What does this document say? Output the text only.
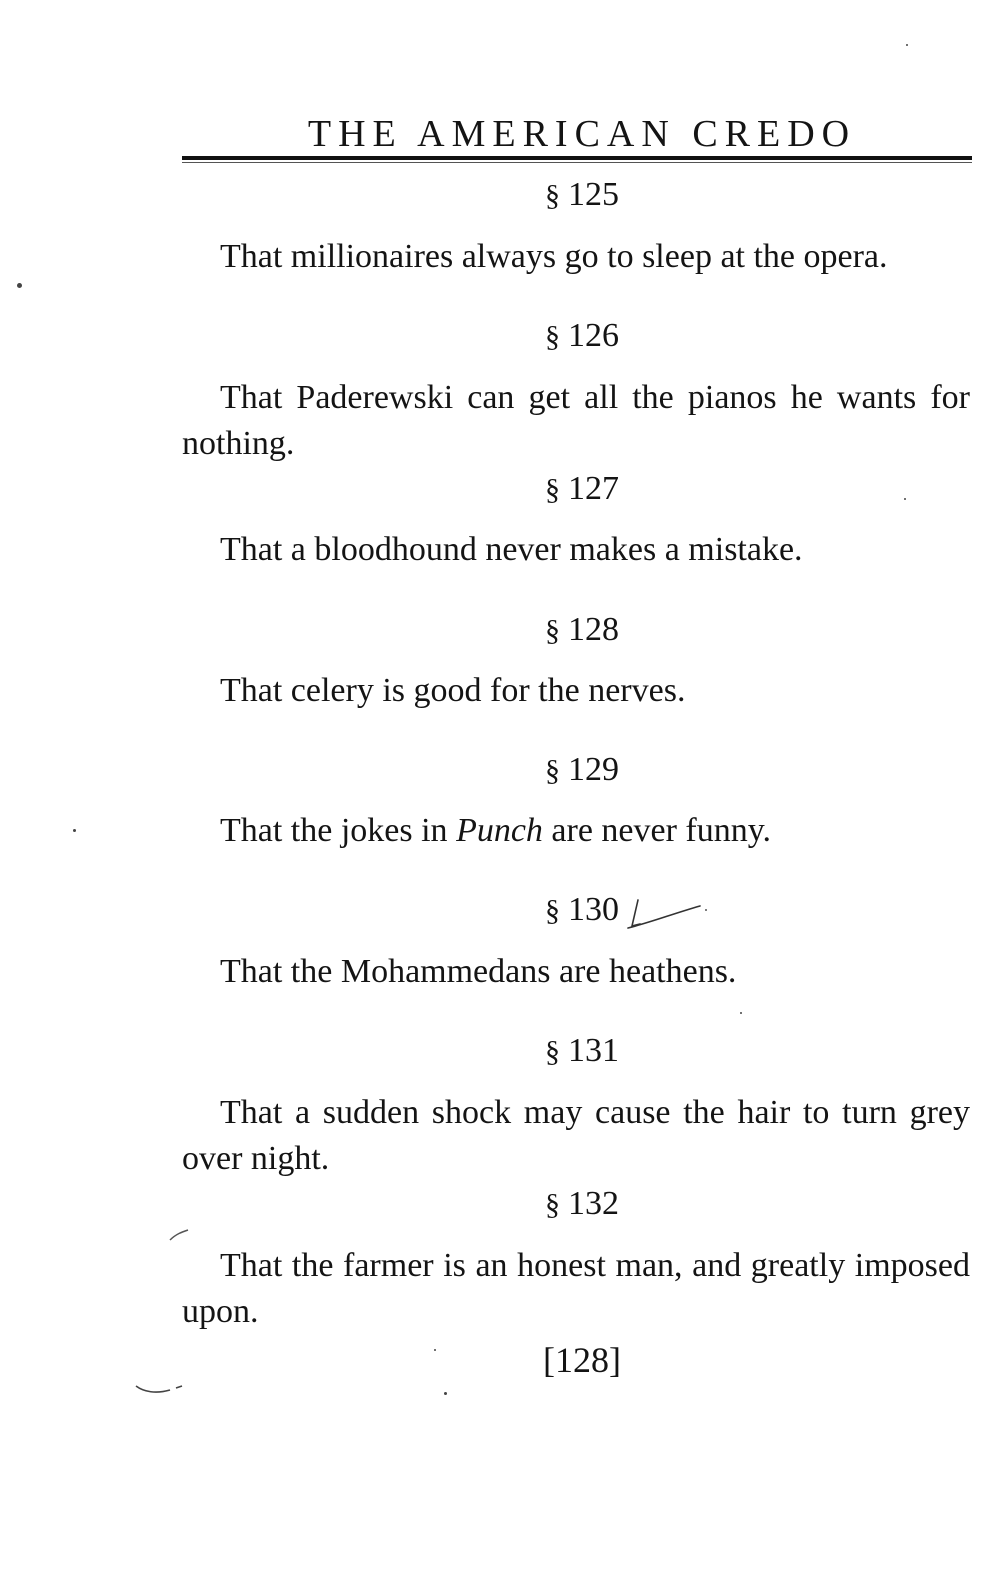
THE AMERICAN CREDO
§ 125

That millionaires always go to sleep at the opera.

§ 126

That Paderewski can get all the pianos he wants for nothing.

§ 127

That a bloodhound never makes a mistake.

§ 128

That celery is good for the nerves.

§ 129

That the jokes in Punch are never funny.

§ 130

That the Mohammedans are heathens.

§ 131

That a sudden shock may cause the hair to turn grey over night.

§ 132

That the farmer is an honest man, and greatly imposed upon.

[128]
